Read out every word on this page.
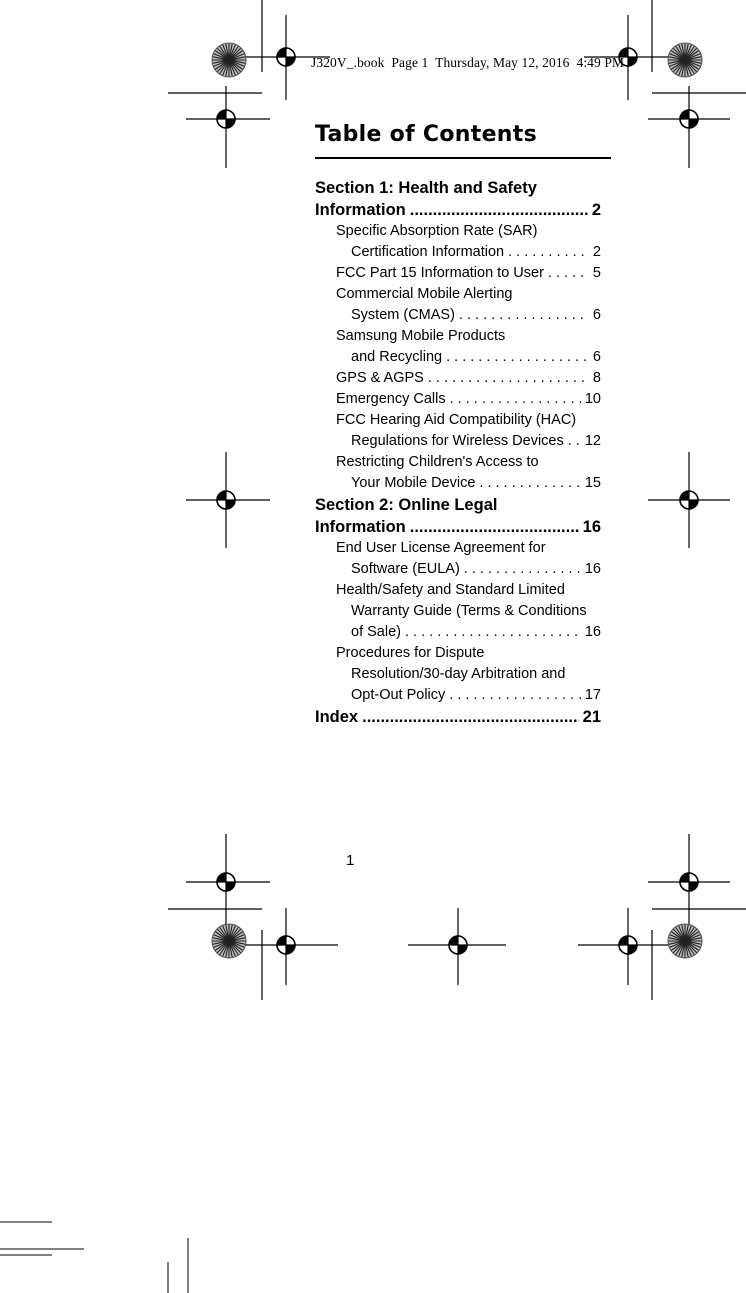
J320V_.book  Page 1  Thursday, May 12, 2016  4:49 PM
Table of Contents
Section 1: Health and Safety
Information .....	2
Specific Absorption Rate (SAR)
Certification Information . . .	2
FCC Part 15 Information to User . . .	5
Commercial Mobile Alerting
System (CMAS) . . .	6
Samsung Mobile Products
and Recycling . . .	6
GPS & AGPS . . .	8
Emergency Calls . . .	10
FCC Hearing Aid Compatibility (HAC)
Regulations for Wireless Devices . . . 12
Restricting Children's Access to
Your Mobile Device . . .	15
Section 2: Online Legal
Information .....	16
End User License Agreement for
Software (EULA) . . .	16
Health/Safety and Standard Limited
Warranty Guide (Terms & Conditions
of Sale) . . .	16
Procedures for Dispute
Resolution/30-day Arbitration and
Opt-Out Policy . . .	17
Index .....	21
1
